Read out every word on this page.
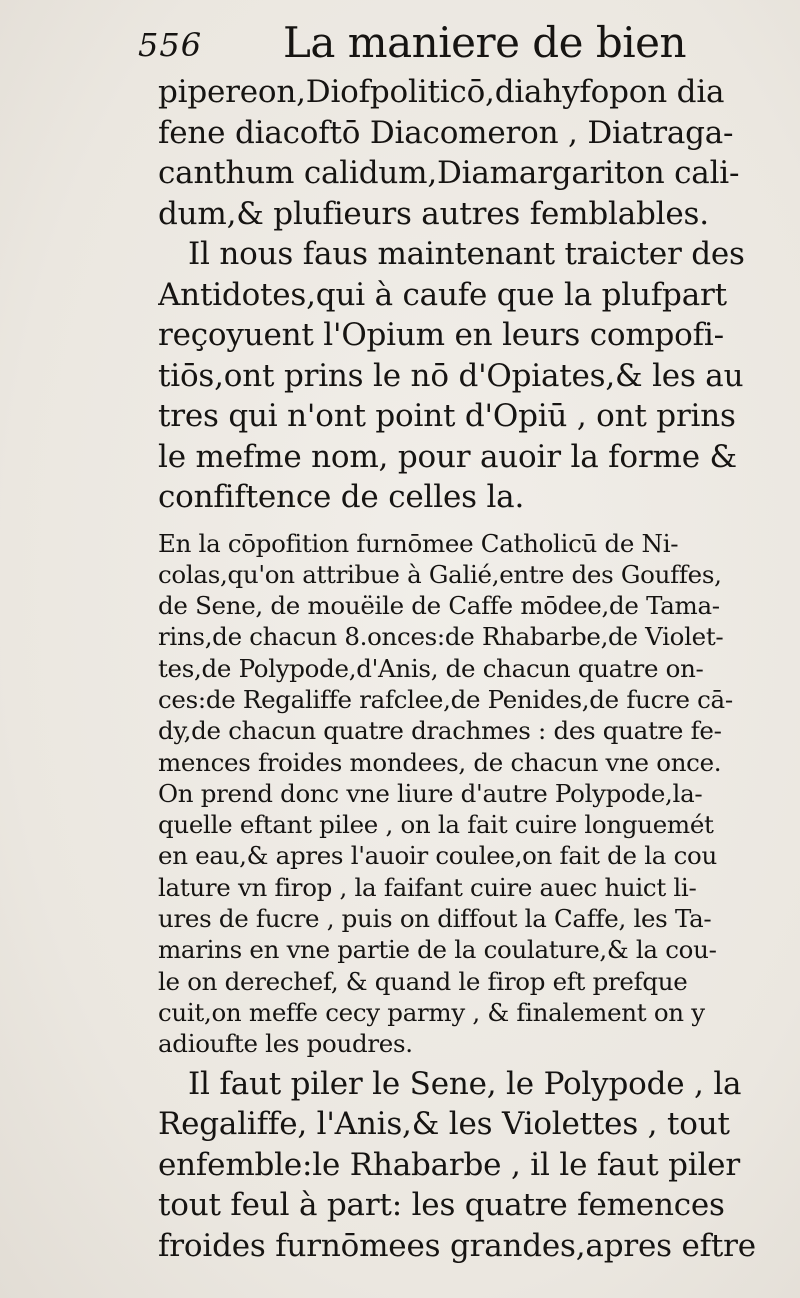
556 La maniere de bien
pipereon,Diofpoliticō,diahyfopon dia
fene diacoftō Diacomeron , Diatraga-
canthum calidum,Diamargariton cali-
dum,& plufieurs autres femblables.
Il nous faus maintenant traicter des
Antidotes,qui à caufe que la plufpart
reçoyuent l'Opium en leurs compofi-
tiōs,ont prins le nō d'Opiates,& les au
tres qui n'ont point d'Opiū , ont prins
le mefme nom, pour auoir la forme &
confiftence de celles la.
En la cōpofition furnōmee Catholicū de Ni-
colas,qu'on attribue à Galié,entre des Gouffes,
de Sene, de mouëile de Caffe mōdee,de Tama-
rins,de chacun 8.onces:de Rhabarbe,de Violet-
tes,de Polypode,d'Anis, de chacun quatre on-
ces:de Regaliffe rafclee,de Penides,de fucre cā-
dy,de chacun quatre drachmes : des quatre fe-
mences froides mondees, de chacun vne once.
On prend donc vne liure d'autre Polypode,la-
quelle eftant pilee , on la fait cuire longuemét
en eau,& apres l'auoir coulee,on fait de la cou
lature vn firop , la faifant cuire auec huict li-
ures de fucre , puis on diffout la Caffe, les Ta-
marins en vne partie de la coulature,& la cou-
le on derechef, & quand le firop eft prefque
cuit,on meffe cecy parmy , & finalement on y
adioufte les poudres.
Il faut piler le Sene, le Polypode , la
Regaliffe, l'Anis,& les Violettes , tout
enfemble:le Rhabarbe , il le faut piler
tout feul à part: les quatre femences
froides furnōmees grandes,apres eftre
